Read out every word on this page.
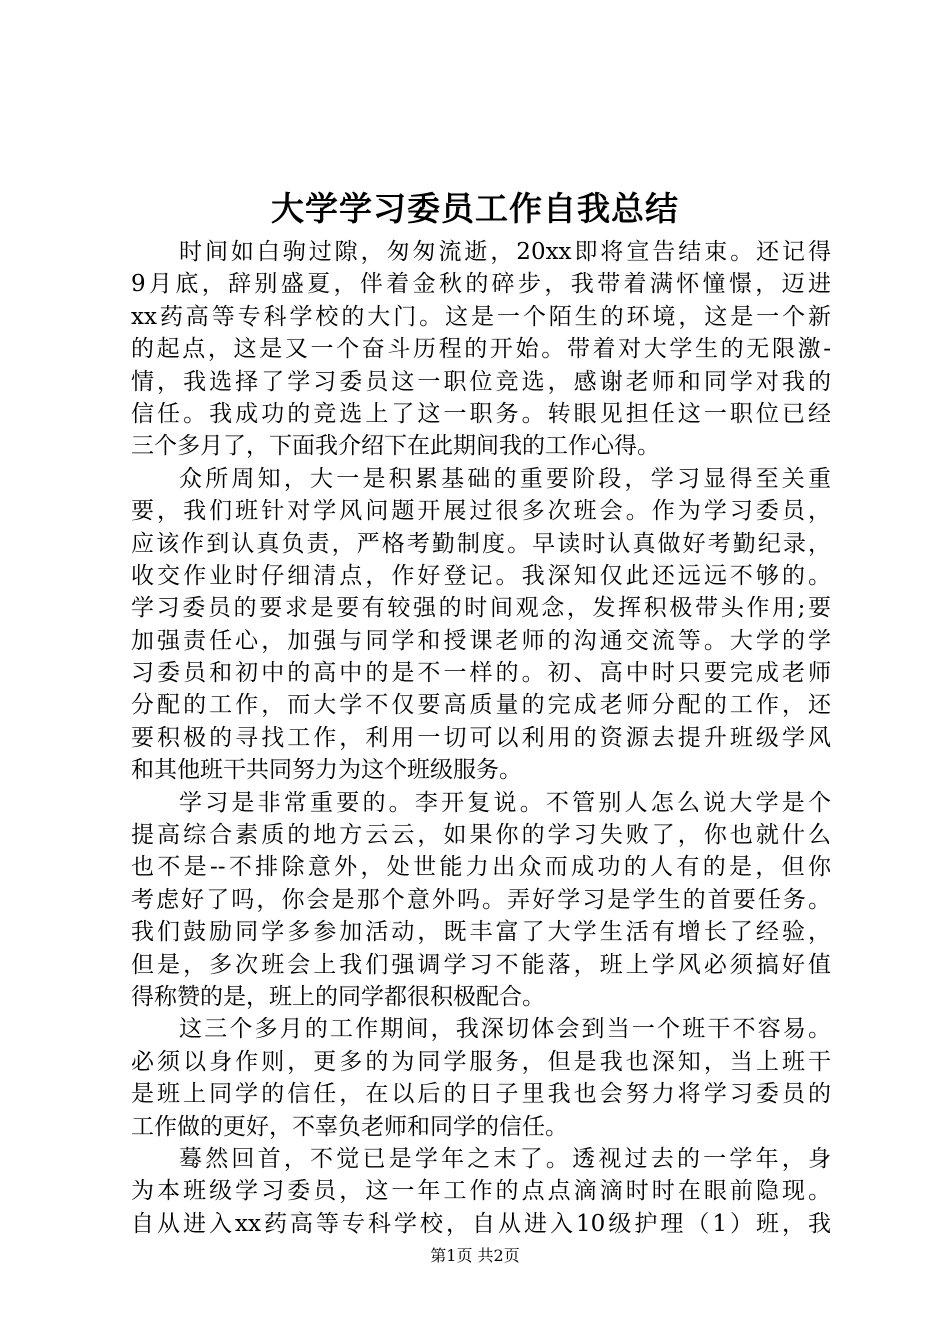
大学学习委员工作自我总结
时间如白驹过隙，匆匆流逝，20xx即将宣告结束。还记得
9月底，辞别盛夏，伴着金秋的碎步，我带着满怀憧憬，迈进
xx药高等专科学校的大门。这是一个陌生的环境，这是一个新
的起点，这是又一个奋斗历程的开始。带着对大学生的无限激-
情，我选择了学习委员这一职位竞选，感谢老师和同学对我的
信任。我成功的竞选上了这一职务。转眼见担任这一职位已经
三个多月了，下面我介绍下在此期间我的工作心得。
众所周知，大一是积累基础的重要阶段，学习显得至关重
要，我们班针对学风问题开展过很多次班会。作为学习委员，
应该作到认真负责，严格考勤制度。早读时认真做好考勤纪录，
收交作业时仔细清点，作好登记。我深知仅此还远远不够的。
学习委员的要求是要有较强的时间观念，发挥积极带头作用;要
加强责任心，加强与同学和授课老师的沟通交流等。大学的学
习委员和初中的高中的是不一样的。初、高中时只要完成老师
分配的工作，而大学不仅要高质量的完成老师分配的工作，还
要积极的寻找工作，利用一切可以利用的资源去提升班级学风
和其他班干共同努力为这个班级服务。
学习是非常重要的。李开复说。不管别人怎么说大学是个
提高综合素质的地方云云，如果你的学习失败了，你也就什么
也不是--不排除意外，处世能力出众而成功的人有的是，但你
考虑好了吗，你会是那个意外吗。弄好学习是学生的首要任务。
我们鼓励同学多参加活动，既丰富了大学生活有增长了经验，
但是，多次班会上我们强调学习不能落，班上学风必须搞好值
得称赞的是，班上的同学都很积极配合。
这三个多月的工作期间，我深切体会到当一个班干不容易。
必须以身作则，更多的为同学服务，但是我也深知，当上班干
是班上同学的信任，在以后的日子里我也会努力将学习委员的
工作做的更好，不辜负老师和同学的信任。
蓦然回首，不觉已是学年之末了。透视过去的一学年，身
为本班级学习委员，这一年工作的点点滴滴时时在眼前隐现。
自从进入xx药高等专科学校，自从进入10级护理（1）班，我
第1页 共2页
